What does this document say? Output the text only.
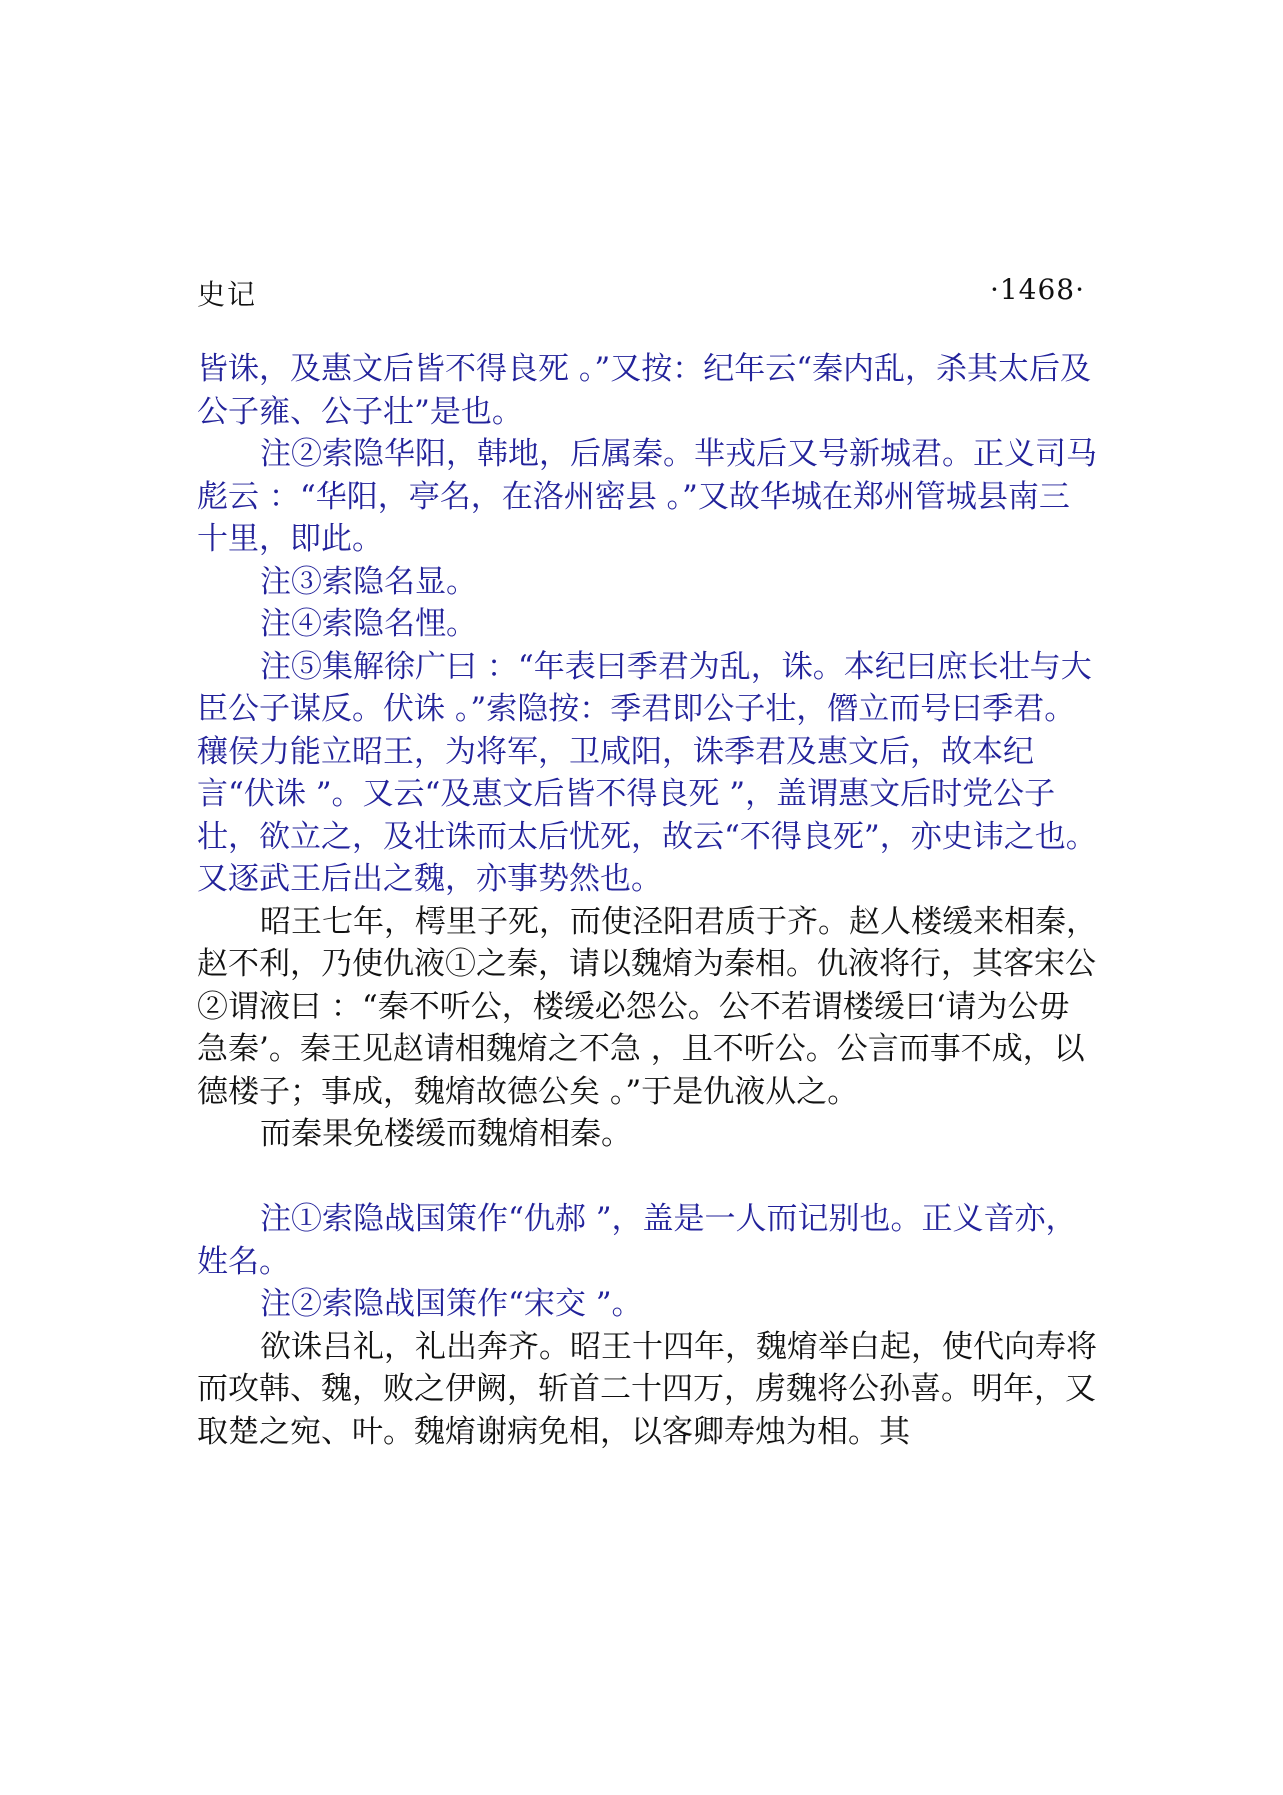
史记	·1468·

皆诛，及惠文后皆不得良死 。”又按：纪年云“秦内乱，杀其太后及公子雍、公子壮”是也。

注②索隐华阳，韩地，后属秦。芈戎后又号新城君。正义司马彪云 ：“华阳，亭名，在洛州密县 。”又故华城在郑州管城县南三十里，即此。

注③索隐名显。

注④索隐名悝。

注⑤集解徐广曰 ：“年表曰季君为乱，诛。本纪曰庶长壮与大臣公子谋反。伏诛 。”索隐按：季君即公子壮，僭立而号曰季君。穰侯力能立昭王，为将军，卫咸阳，诛季君及惠文后，故本纪言“伏诛 ”。又云“及惠文后皆不得良死 ”，盖谓惠文后时党公子壮，欲立之，及壮诛而太后忧死，故云“不得良死”，亦史讳之也。又逐武王后出之魏，亦事势然也。

昭王七年，樗里子死，而使泾阳君质于齐。赵人楼缓来相秦，赵不利，乃使仇液①之秦，请以魏焴为秦相。仇液将行，其客宋公②谓液曰 ：“秦不听公，楼缓必怨公。公不若谓楼缓曰‘请为公毋急秦’。秦王见赵请相魏焴之不急 ，且不听公。公言而事不成，以德楼子；事成，魏焴故德公矣 。”于是仇液从之。

而秦果免楼缓而魏焴相秦。

注①索隐战国策作“仇郝 ”，盖是一人而记别也。正义音亦，姓名。

注②索隐战国策作“宋交 ”。

欲诛吕礼，礼出奔齐。昭王十四年，魏焴举白起，使代向寿将而攻韩、魏，败之伊阙，斩首二十四万，虏魏将公孙喜。明年，又取楚之宛、叶。魏焴谢病免相，以客卿寿烛为相。其
